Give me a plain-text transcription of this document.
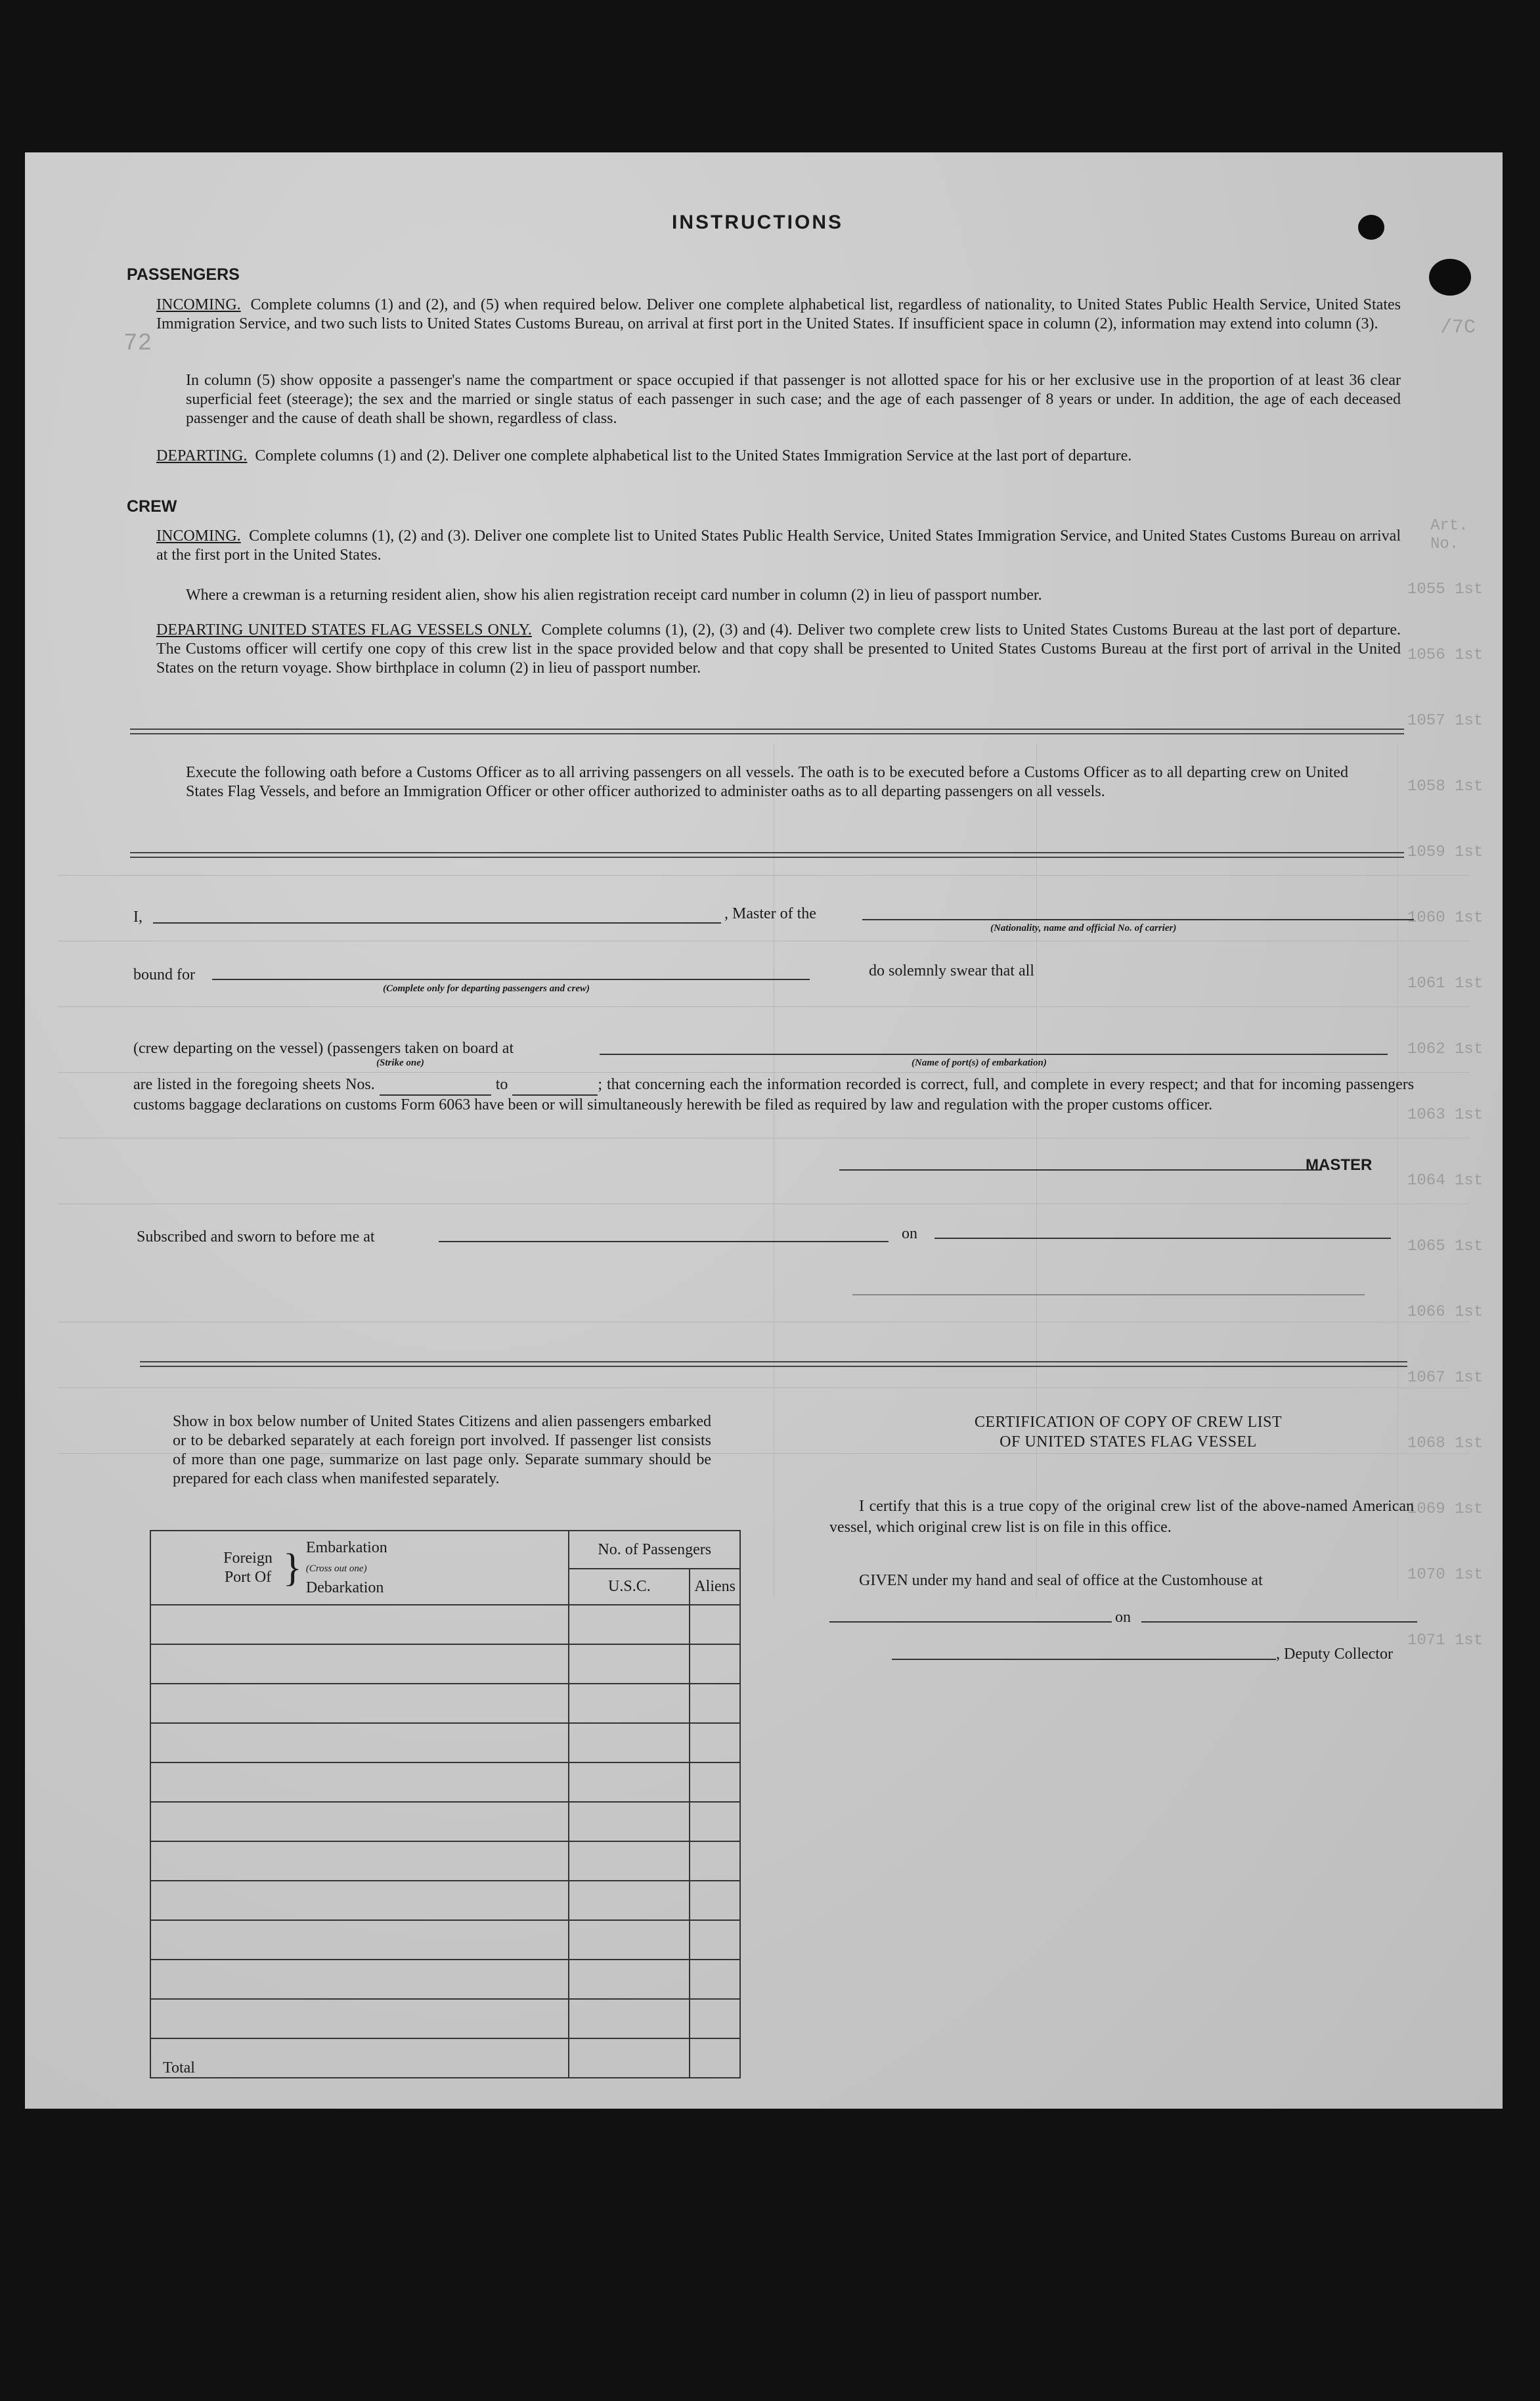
Art.
No.
/7C
72
1055 1st
1056 1st
1057 1st
1058 1st
1059 1st
1060 1st
1061 1st
1062 1st
1063 1st
1064 1st
1065 1st
1066 1st
1067 1st
1068 1st
1069 1st
1070 1st
1071 1st
INSTRUCTIONS
PASSENGERS
INCOMING. Complete columns (1) and (2), and (5) when required below. Deliver one complete alphabetical list, regardless of nationality, to United States Public Health Service, United States Immigration Service, and two such lists to United States Customs Bureau, on arrival at first port in the United States. If insufficient space in column (2), information may extend into column (3).
In column (5) show opposite a passenger's name the compartment or space occupied if that passenger is not allotted space for his or her exclusive use in the proportion of at least 36 clear superficial feet (steerage); the sex and the married or single status of each passenger in such case; and the age of each passenger of 8 years or under. In addition, the age of each deceased passenger and the cause of death shall be shown, regardless of class.
DEPARTING. Complete columns (1) and (2). Deliver one complete alphabetical list to the United States Immigration Service at the last port of departure.
CREW
INCOMING. Complete columns (1), (2) and (3). Deliver one complete list to United States Public Health Service, United States Immigration Service, and United States Customs Bureau on arrival at the first port in the United States.
Where a crewman is a returning resident alien, show his alien registration receipt card number in column (2) in lieu of passport number.
DEPARTING UNITED STATES FLAG VESSELS ONLY. Complete columns (1), (2), (3) and (4). Deliver two complete crew lists to United States Customs Bureau at the last port of departure. The Customs officer will certify one copy of this crew list in the space provided below and that copy shall be presented to United States Customs Bureau at the first port of arrival in the United States on the return voyage. Show birthplace in column (2) in lieu of passport number.
Execute the following oath before a Customs Officer as to all arriving passengers on all vessels. The oath is to be executed before a Customs Officer as to all departing crew on United States Flag Vessels, and before an Immigration Officer or other officer authorized to administer oaths as to all departing passengers on all vessels.
I,	, Master of the
(Nationality, name and official No. of carrier)
bound for
(Complete only for departing passengers and crew)
do solemnly swear that all
(crew departing on the vessel) (passengers taken on board at
(Strike one)	(Name of port(s) of embarkation)
are listed in the foregoing sheets Nos.	to	; that concerning each the information recorded is correct, full, and complete in every respect; and that for incoming passengers customs baggage declarations on customs Form 6063 have been or will simultaneously herewith be filed as required by law and regulation with the proper customs officer.
MASTER
Subscribed and sworn to before me at	on
Show in box below number of United States Citizens and alien passengers embarked or to be debarked separately at each foreign port involved. If passenger list consists of more than one page, summarize on last page only. Separate summary should be prepared for each class when manifested separately.
Foreign Port Of } Embarkation
(Cross out one)
Debarkation	No. of Passengers	
	U.S.C.	Aliens

Total		
CERTIFICATION OF COPY OF CREW LIST
OF UNITED STATES FLAG VESSEL
I certify that this is a true copy of the original crew list of the above-named American vessel, which original crew list is on file in this office.
GIVEN under my hand and seal of office at the Customhouse at
on
, Deputy Collector
